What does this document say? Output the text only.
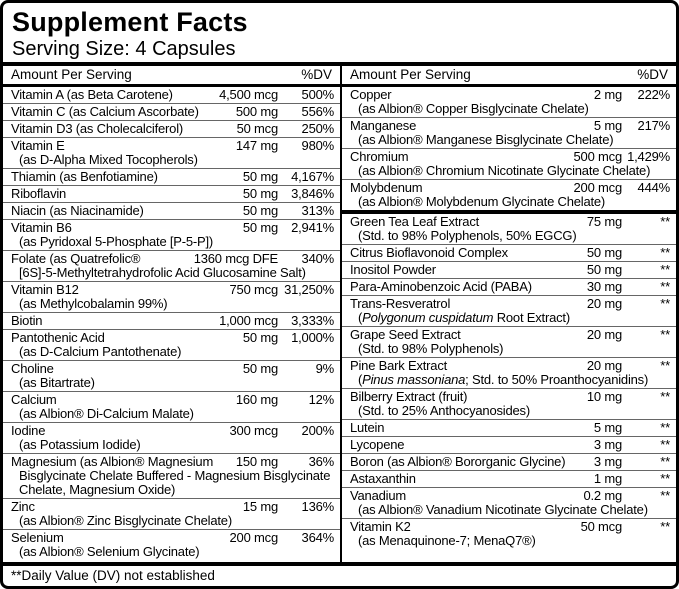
Supplement Facts
Serving Size: 4 Capsules
Amount Per Serving	%DV
Vitamin A (as Beta Carotene)	4,500 mcg	500%
Vitamin C (as Calcium Ascorbate)	500 mg	556%
Vitamin D3 (as Cholecalciferol)	50 mcg	250%
Vitamin E	147 mg	980%
(as D-Alpha Mixed Tocopherols)
Thiamin (as Benfotiamine)	50 mg	4,167%
Riboflavin	50 mg	3,846%
Niacin (as Niacinamide)	50 mg	313%
Vitamin B6	50 mg	2,941%
(as Pyridoxal 5-Phosphate [P-5-P])
Folate (as Quatrefolic®	1360 mcg DFE	340%
[6S]-5-Methyltetrahydrofolic Acid Glucosamine Salt)
Vitamin B12	750 mcg 31,250%
(as Methylcobalamin 99%)
Biotin	1,000 mcg	3,333%
Pantothenic Acid	50 mg	1,000%
(as D-Calcium Pantothenate)
Choline	50 mg	9%
(as Bitartrate)
Calcium	160 mg	12%
(as Albion® Di-Calcium Malate)
Iodine	300 mcg	200%
(as Potassium Iodide)
Magnesium (as Albion® Magnesium	150 mg	36%
Bisglycinate Chelate Buffered - Magnesium Bisglycinate Chelate, Magnesium Oxide)
Zinc	15 mg	136%
(as Albion® Zinc Bisglycinate Chelate)
Selenium	200 mcg	364%
(as Albion® Selenium Glycinate)
Amount Per Serving	%DV
Copper	2 mg	222%
(as Albion® Copper Bisglycinate Chelate)
Manganese	5 mg	217%
(as Albion® Manganese Bisglycinate Chelate)
Chromium	500 mcg 1,429%
(as Albion® Chromium Nicotinate Glycinate Chelate)
Molybdenum	200 mcg	444%
(as Albion® Molybdenum Glycinate Chelate)
Green Tea Leaf Extract	75 mg	**
(Std. to 98% Polyphenols, 50% EGCG)
Citrus Bioflavonoid Complex	50 mg	**
Inositol Powder	50 mg	**
Para-Aminobenzoic Acid (PABA)	30 mg	**
Trans-Resveratrol	20 mg	**
(Polygonum cuspidatum Root Extract)
Grape Seed Extract	20 mg	**
(Std. to 98% Polyphenols)
Pine Bark Extract	20 mg	**
(Pinus massoniana; Std. to 50% Proanthocyanidins)
Bilberry Extract (fruit)	10 mg	**
(Std. to 25% Anthocyanosides)
Lutein	5 mg	**
Lycopene	3 mg	**
Boron (as Albion® Bororganic Glycine)	3 mg	**
Astaxanthin	1 mg	**
Vanadium	0.2 mg	**
(as Albion® Vanadium Nicotinate Glycinate Chelate)
Vitamin K2	50 mcg	**
(as Menaquinone-7; MenaQ7®)
**Daily Value (DV) not established
